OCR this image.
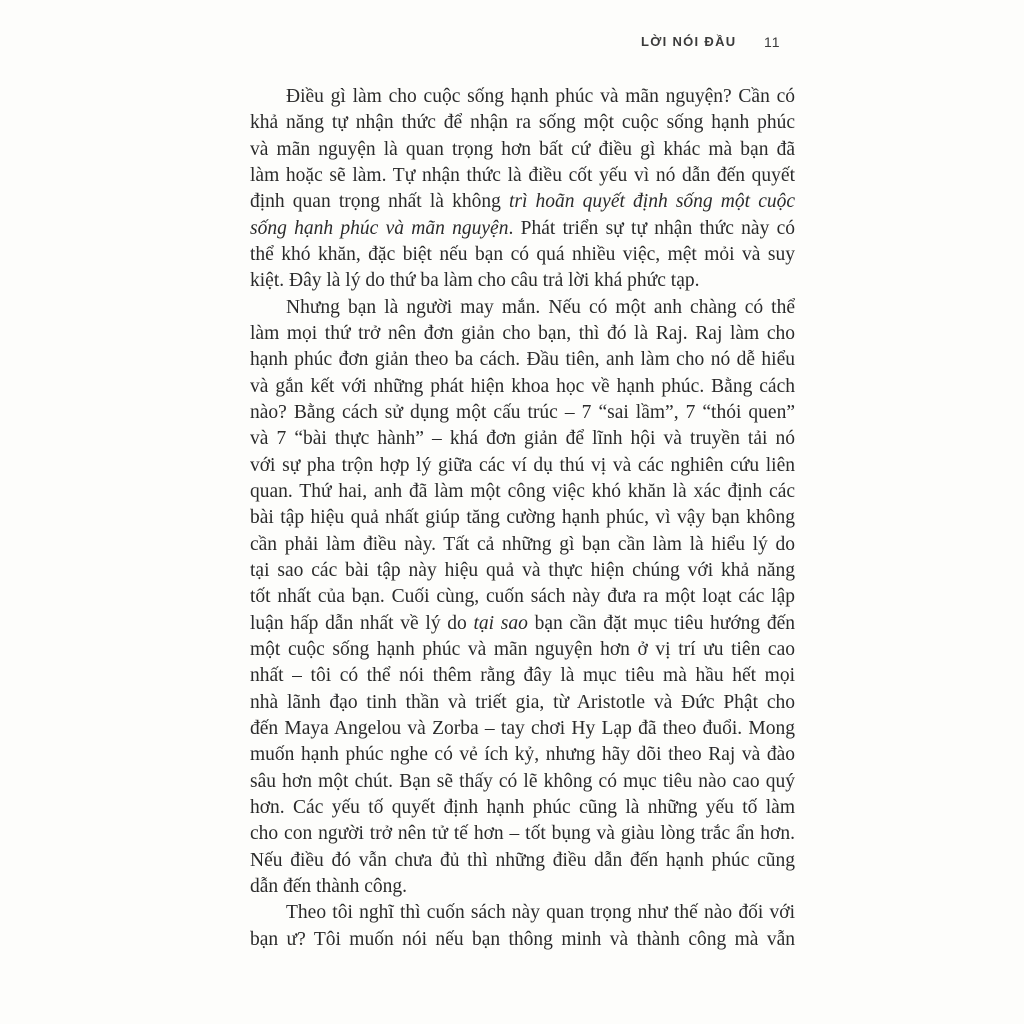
LỜI NÓI ĐẦU 11
Điều gì làm cho cuộc sống hạnh phúc và mãn nguyện? Cần có
khả năng tự nhận thức để nhận ra sống một cuộc sống hạnh phúc
và mãn nguyện là quan trọng hơn bất cứ điều gì khác mà bạn đã
làm hoặc sẽ làm. Tự nhận thức là điều cốt yếu vì nó dẫn đến quyết
định quan trọng nhất là không trì hoãn quyết định sống một cuộc
sống hạnh phúc và mãn nguyện. Phát triển sự tự nhận thức này có
thể khó khăn, đặc biệt nếu bạn có quá nhiều việc, mệt mỏi và suy
kiệt. Đây là lý do thứ ba làm cho câu trả lời khá phức tạp.
Nhưng bạn là người may mắn. Nếu có một anh chàng có thể
làm mọi thứ trở nên đơn giản cho bạn, thì đó là Raj. Raj làm cho
hạnh phúc đơn giản theo ba cách. Đầu tiên, anh làm cho nó dễ hiểu
và gắn kết với những phát hiện khoa học về hạnh phúc. Bằng cách
nào? Bằng cách sử dụng một cấu trúc – 7 “sai lầm”, 7 “thói quen”
và 7 “bài thực hành” – khá đơn giản để lĩnh hội và truyền tải nó
với sự pha trộn hợp lý giữa các ví dụ thú vị và các nghiên cứu liên
quan. Thứ hai, anh đã làm một công việc khó khăn là xác định các
bài tập hiệu quả nhất giúp tăng cường hạnh phúc, vì vậy bạn không
cần phải làm điều này. Tất cả những gì bạn cần làm là hiểu lý do
tại sao các bài tập này hiệu quả và thực hiện chúng với khả năng
tốt nhất của bạn. Cuối cùng, cuốn sách này đưa ra một loạt các lập
luận hấp dẫn nhất về lý do tại sao bạn cần đặt mục tiêu hướng đến
một cuộc sống hạnh phúc và mãn nguyện hơn ở vị trí ưu tiên cao
nhất – tôi có thể nói thêm rằng đây là mục tiêu mà hầu hết mọi
nhà lãnh đạo tinh thần và triết gia, từ Aristotle và Đức Phật cho
đến Maya Angelou và Zorba – tay chơi Hy Lạp đã theo đuổi. Mong
muốn hạnh phúc nghe có vẻ ích kỷ, nhưng hãy dõi theo Raj và đào
sâu hơn một chút. Bạn sẽ thấy có lẽ không có mục tiêu nào cao quý
hơn. Các yếu tố quyết định hạnh phúc cũng là những yếu tố làm
cho con người trở nên tử tế hơn – tốt bụng và giàu lòng trắc ẩn hơn.
Nếu điều đó vẫn chưa đủ thì những điều dẫn đến hạnh phúc cũng
dẫn đến thành công.
Theo tôi nghĩ thì cuốn sách này quan trọng như thế nào đối với
bạn ư? Tôi muốn nói nếu bạn thông minh và thành công mà vẫn
